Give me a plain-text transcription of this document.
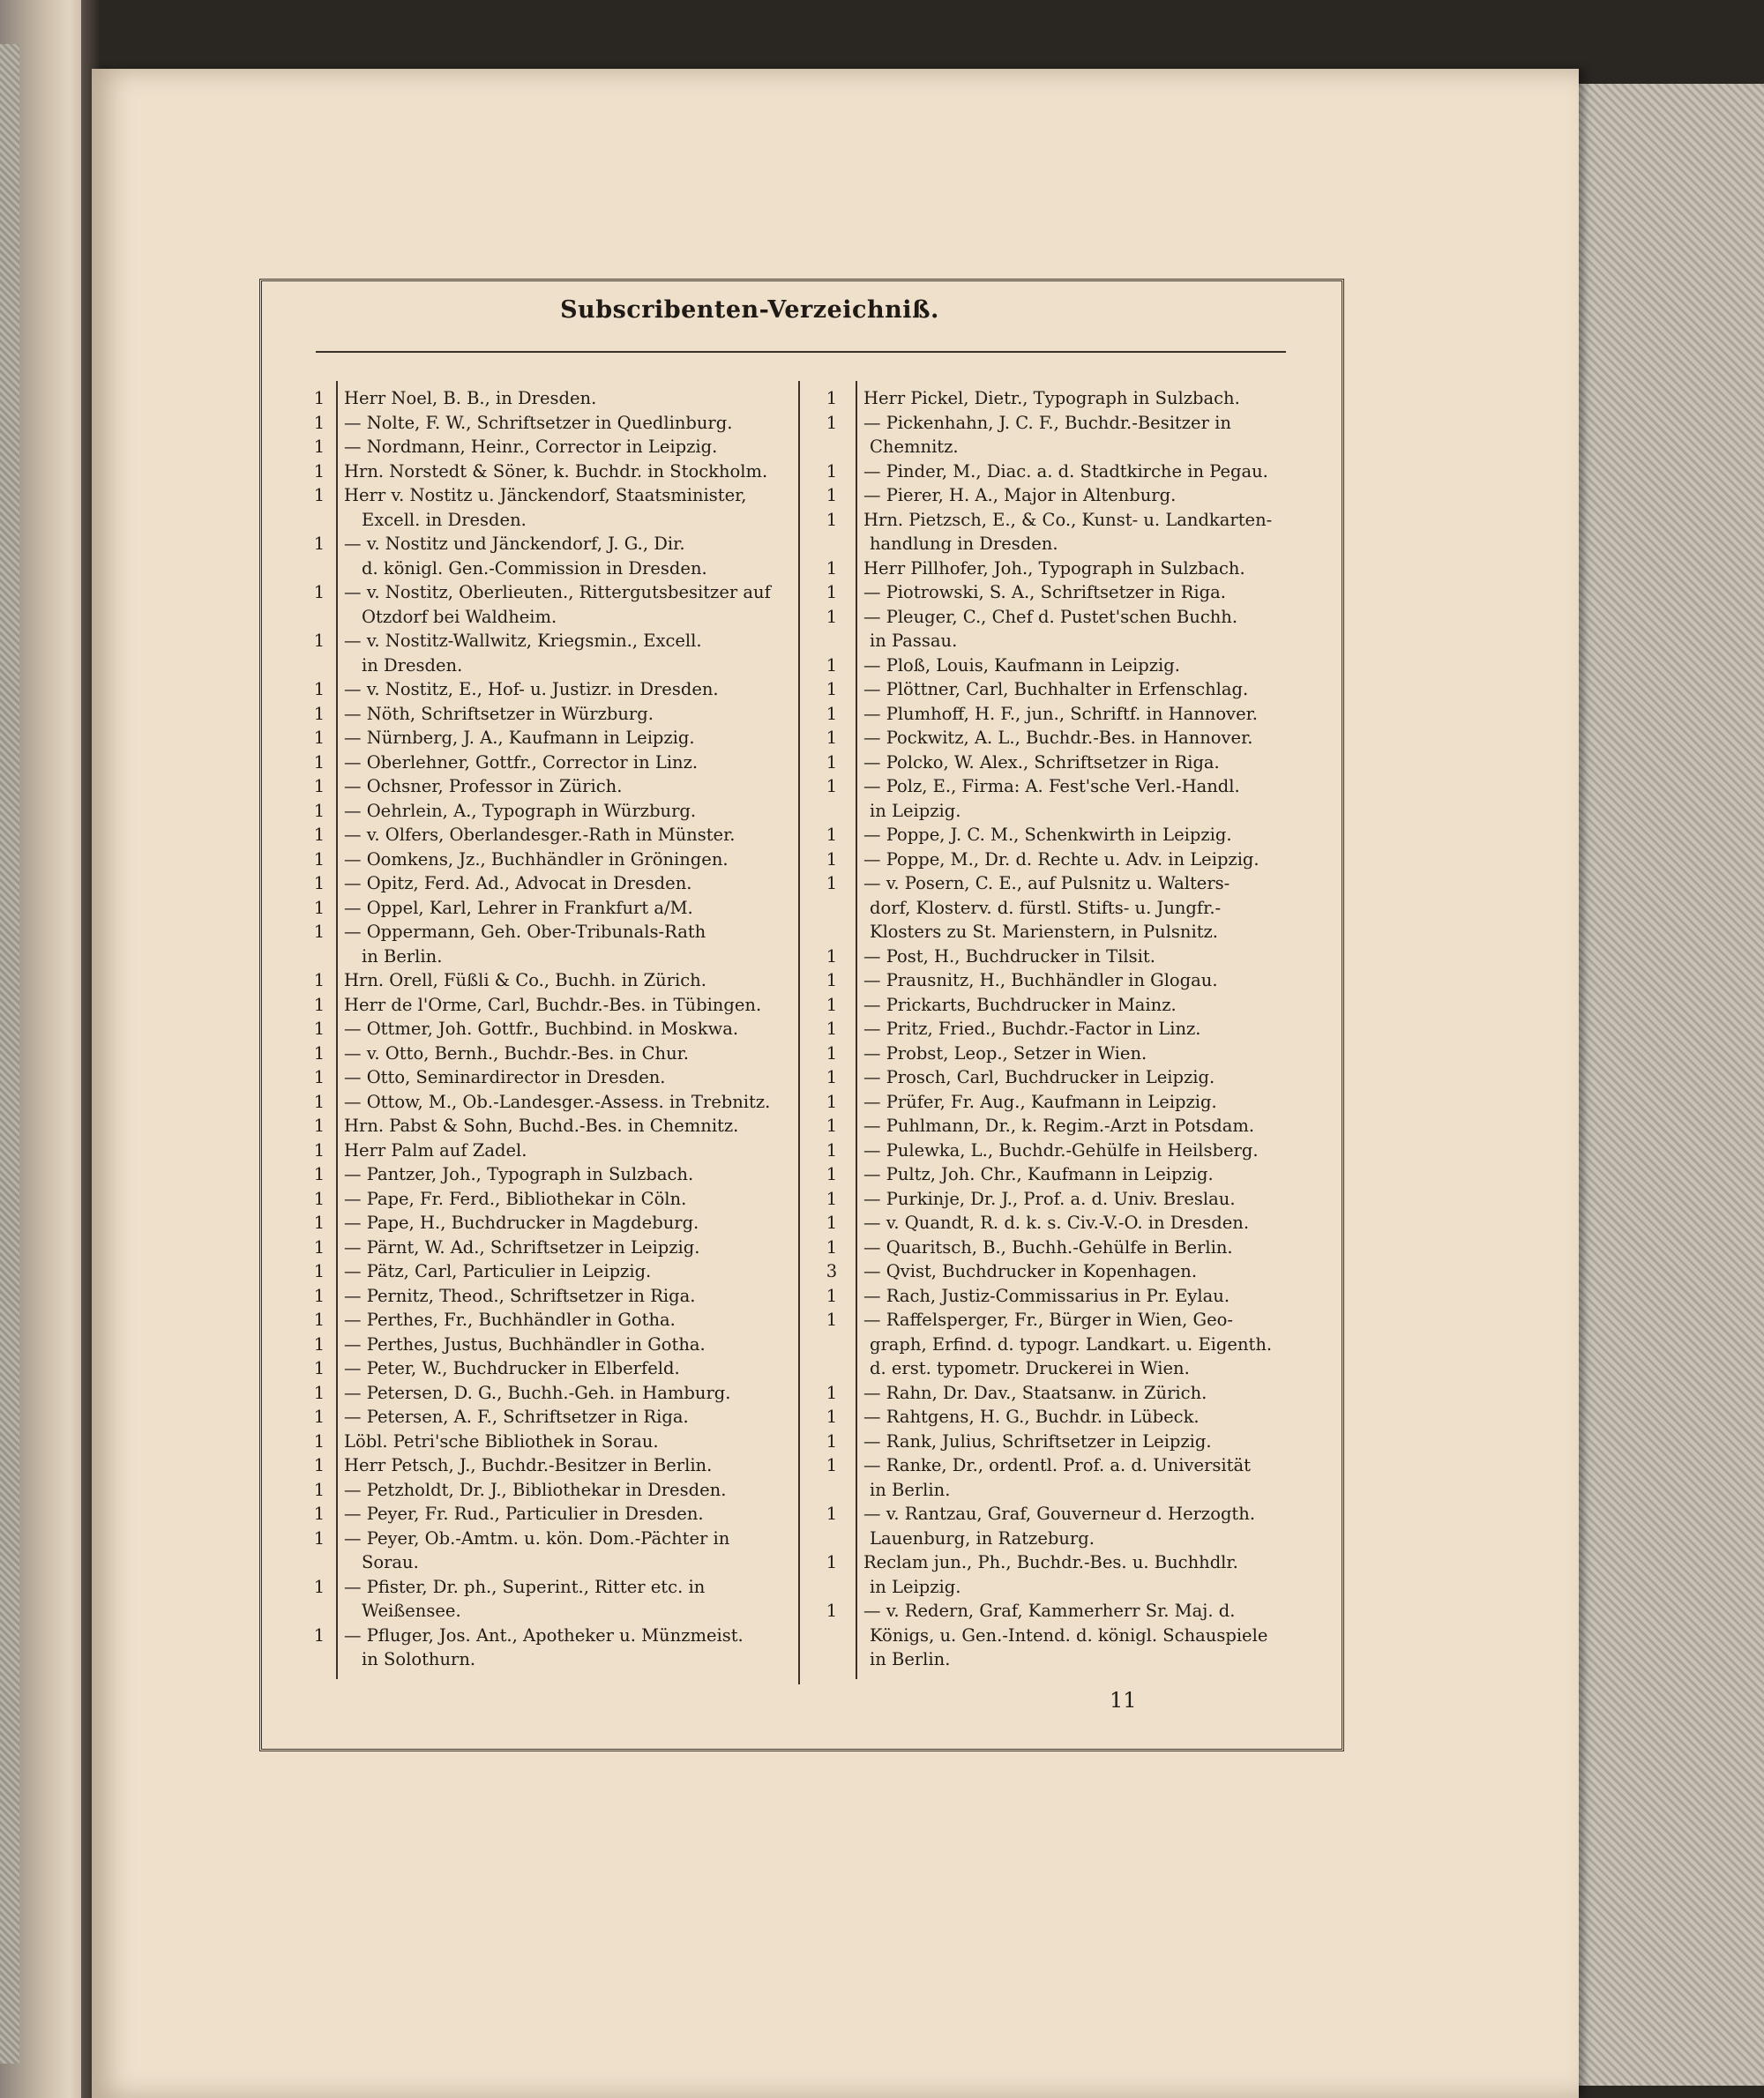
Subscribenten-Verzeichniß.
1	Herr Noel, B. B., in Dresden.
1	— Nolte, F. W., Schriftsetzer in Quedlinburg.
1	— Nordmann, Heinr., Corrector in Leipzig.
1	Hrn. Norstedt & Söner, k. Buchdr. in Stockholm.
1	Herr v. Nostitz u. Jänckendorf, Staatsminister,
Excell. in Dresden.
1	— v. Nostitz und Jänckendorf, J. G., Dir.
d. königl. Gen.-Commission in Dresden.
1	— v. Nostitz, Oberlieuten., Rittergutsbesitzer auf
Otzdorf bei Waldheim.
1	— v. Nostitz-Wallwitz, Kriegsmin., Excell.
in Dresden.
1	— v. Nostitz, E., Hof- u. Justizr. in Dresden.
1	— Nöth, Schriftsetzer in Würzburg.
1	— Nürnberg, J. A., Kaufmann in Leipzig.
1	— Oberlehner, Gottfr., Corrector in Linz.
1	— Ochsner, Professor in Zürich.
1	— Oehrlein, A., Typograph in Würzburg.
1	— v. Olfers, Oberlandesger.-Rath in Münster.
1	— Oomkens, Jz., Buchhändler in Gröningen.
1	— Opitz, Ferd. Ad., Advocat in Dresden.
1	— Oppel, Karl, Lehrer in Frankfurt a/M.
1	— Oppermann, Geh. Ober-Tribunals-Rath
in Berlin.
1	Hrn. Orell, Füßli & Co., Buchh. in Zürich.
1	Herr de l'Orme, Carl, Buchdr.-Bes. in Tübingen.
1	— Ottmer, Joh. Gottfr., Buchbind. in Moskwa.
1	— v. Otto, Bernh., Buchdr.-Bes. in Chur.
1	— Otto, Seminardirector in Dresden.
1	— Ottow, M., Ob.-Landesger.-Assess. in Trebnitz.
1	Hrn. Pabst & Sohn, Buchd.-Bes. in Chemnitz.
1	Herr Palm auf Zadel.
1	— Pantzer, Joh., Typograph in Sulzbach.
1	— Pape, Fr. Ferd., Bibliothekar in Cöln.
1	— Pape, H., Buchdrucker in Magdeburg.
1	— Pärnt, W. Ad., Schriftsetzer in Leipzig.
1	— Pätz, Carl, Particulier in Leipzig.
1	— Pernitz, Theod., Schriftsetzer in Riga.
1	— Perthes, Fr., Buchhändler in Gotha.
1	— Perthes, Justus, Buchhändler in Gotha.
1	— Peter, W., Buchdrucker in Elberfeld.
1	— Petersen, D. G., Buchh.-Geh. in Hamburg.
1	— Petersen, A. F., Schriftsetzer in Riga.
1	Löbl. Petri'sche Bibliothek in Sorau.
1	Herr Petsch, J., Buchdr.-Besitzer in Berlin.
1	— Petzholdt, Dr. J., Bibliothekar in Dresden.
1	— Peyer, Fr. Rud., Particulier in Dresden.
1	— Peyer, Ob.-Amtm. u. kön. Dom.-Pächter in
Sorau.
1	— Pfister, Dr. ph., Superint., Ritter etc. in
Weißensee.
1	— Pfluger, Jos. Ant., Apotheker u. Münzmeist.
in Solothurn.
1	Herr Pickel, Dietr., Typograph in Sulzbach.
1	— Pickenhahn, J. C. F., Buchdr.-Besitzer in
Chemnitz.
1	— Pinder, M., Diac. a. d. Stadtkirche in Pegau.
1	— Pierer, H. A., Major in Altenburg.
1	Hrn. Pietzsch, E., & Co., Kunst- u. Landkarten-
handlung in Dresden.
1	Herr Pillhofer, Joh., Typograph in Sulzbach.
1	— Piotrowski, S. A., Schriftsetzer in Riga.
1	— Pleuger, C., Chef d. Pustet'schen Buchh.
in Passau.
1	— Ploß, Louis, Kaufmann in Leipzig.
1	— Plöttner, Carl, Buchhalter in Erfenschlag.
1	— Plumhoff, H. F., jun., Schriftf. in Hannover.
1	— Pockwitz, A. L., Buchdr.-Bes. in Hannover.
1	— Polcko, W. Alex., Schriftsetzer in Riga.
1	— Polz, E., Firma: A. Fest'sche Verl.-Handl.
in Leipzig.
1	— Poppe, J. C. M., Schenkwirth in Leipzig.
1	— Poppe, M., Dr. d. Rechte u. Adv. in Leipzig.
1	— v. Posern, C. E., auf Pulsnitz u. Walters-
dorf, Klosterv. d. fürstl. Stifts- u. Jungfr.-
Klosters zu St. Marienstern, in Pulsnitz.
1	— Post, H., Buchdrucker in Tilsit.
1	— Prausnitz, H., Buchhändler in Glogau.
1	— Prickarts, Buchdrucker in Mainz.
1	— Pritz, Fried., Buchdr.-Factor in Linz.
1	— Probst, Leop., Setzer in Wien.
1	— Prosch, Carl, Buchdrucker in Leipzig.
1	— Prüfer, Fr. Aug., Kaufmann in Leipzig.
1	— Puhlmann, Dr., k. Regim.-Arzt in Potsdam.
1	— Pulewka, L., Buchdr.-Gehülfe in Heilsberg.
1	— Pultz, Joh. Chr., Kaufmann in Leipzig.
1	— Purkinje, Dr. J., Prof. a. d. Univ. Breslau.
1	— v. Quandt, R. d. k. s. Civ.-V.-O. in Dresden.
1	— Quaritsch, B., Buchh.-Gehülfe in Berlin.
3	— Qvist, Buchdrucker in Kopenhagen.
1	— Rach, Justiz-Commissarius in Pr. Eylau.
1	— Raffelsperger, Fr., Bürger in Wien, Geo-
graph, Erfind. d. typogr. Landkart. u. Eigenth.
d. erst. typometr. Druckerei in Wien.
1	— Rahn, Dr. Dav., Staatsanw. in Zürich.
1	— Rahtgens, H. G., Buchdr. in Lübeck.
1	— Rank, Julius, Schriftsetzer in Leipzig.
1	— Ranke, Dr., ordentl. Prof. a. d. Universität
in Berlin.
1	— v. Rantzau, Graf, Gouverneur d. Herzogth.
Lauenburg, in Ratzeburg.
1	Reclam jun., Ph., Buchdr.-Bes. u. Buchhdlr.
in Leipzig.
1	— v. Redern, Graf, Kammerherr Sr. Maj. d.
Königs, u. Gen.-Intend. d. königl. Schauspiele
in Berlin.
11
